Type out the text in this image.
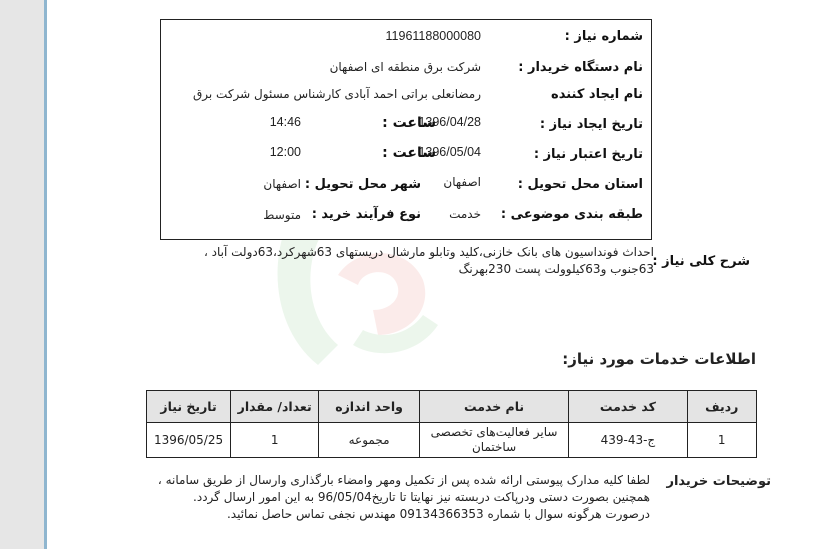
شماره نیاز :
11961188000080
نام دستگاه خریدار :
شرکت برق منطقه ای اصفهان
نام ایجاد کننده
رمضانعلی براتی احمد آبادی کارشناس مسئول شرکت برق
تاریخ ایجاد نیاز :
1396/04/28
ساعت :
14:46
تاریخ اعتبار نیاز :
1396/05/04
ساعت :
12:00
استان محل تحویل :
اصفهان
شهر محل تحویل :
اصفهان
طبقه بندی موضوعی :
خدمت
نوع فرآیند خرید :
متوسط
شرح کلی نیاز :
احداث فونداسیون های بانک خازنی،کلید وتابلو مارشال دریستهای 63شهرکرد،63دولت آباد ، 63جنوب و63کیلوولت پست 230بهرنگ
اطلاعات خدمات مورد نیاز:
ردیف	کد خدمت	نام خدمت	واحد اندازه	تعداد/ مقدار	تاریخ نیاز
1	ج-43-439	سایر فعالیت‌های تخصصی ساختمان	مجموعه	1	1396/05/25
توضیحات خریدار
لطفا کلیه مدارک پیوستی ارائه شده پس از تکمیل ومهر وامضاء بارگذاری وارسال از طریق سامانه ، همچنین بصورت دستی ودرپاکت دربسته نیز نهایتا تا تاریخ96/05/04 به این امور ارسال گردد. درصورت هرگونه سوال با شماره 09134366353 مهندس نجفی تماس حاصل نمائید.
